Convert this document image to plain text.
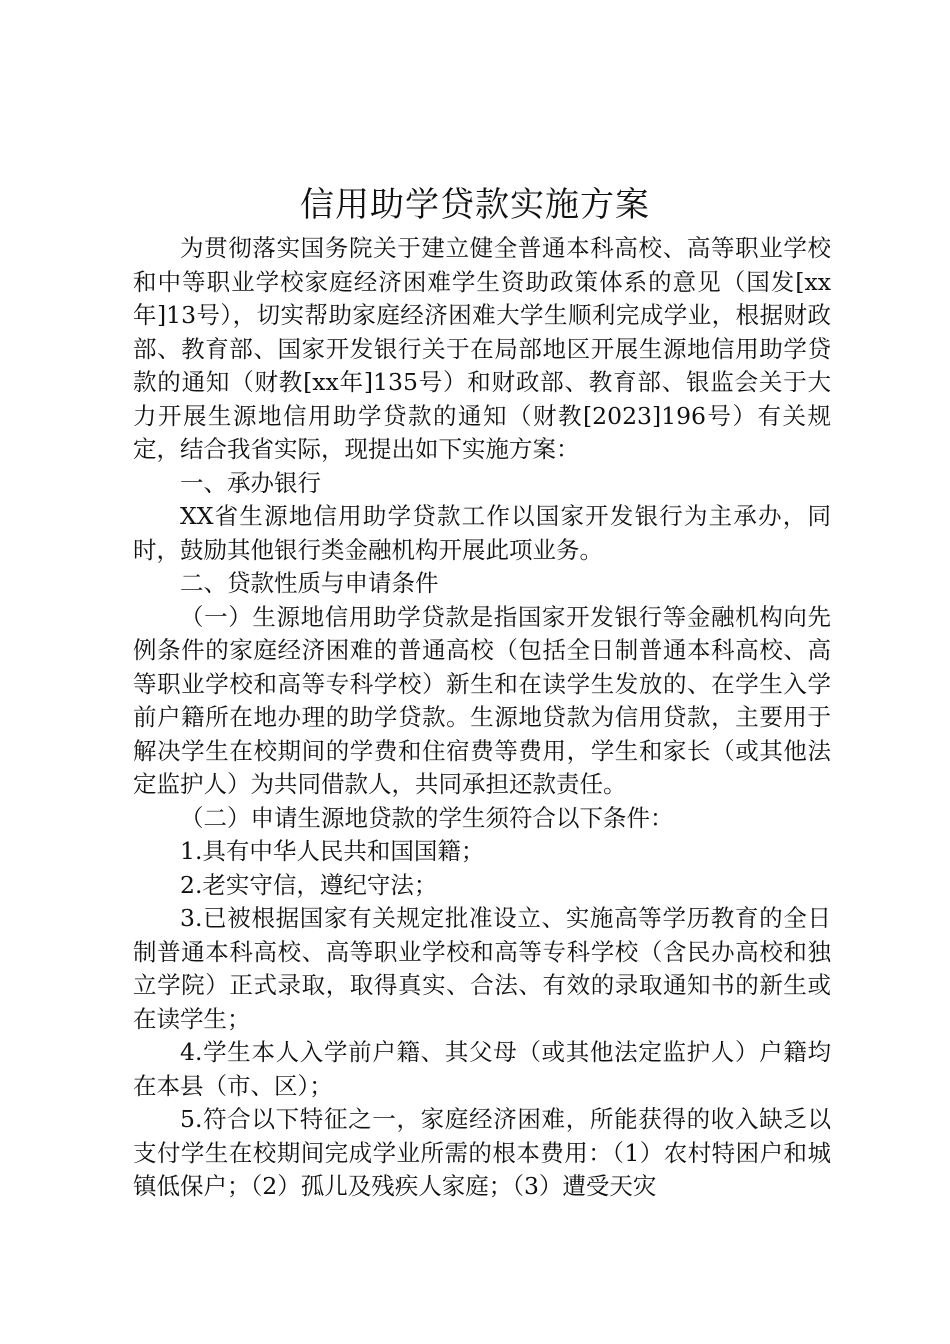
信用助学贷款实施方案

为贯彻落实国务院关于建立健全普通本科高校、高等职业学校和中等职业学校家庭经济困难学生资助政策体系的意见（国发[xx年]13号），切实帮助家庭经济困难大学生顺利完成学业，根据财政部、教育部、国家开发银行关于在局部地区开展生源地信用助学贷款的通知（财教[xx年]135号）和财政部、教育部、银监会关于大力开展生源地信用助学贷款的通知（财教[2023]196号）有关规定，结合我省实际，现提出如下实施方案：

一、承办银行

XX省生源地信用助学贷款工作以国家开发银行为主承办，同时，鼓励其他银行类金融机构开展此项业务。

二、贷款性质与申请条件

（一）生源地信用助学贷款是指国家开发银行等金融机构向先例条件的家庭经济困难的普通高校（包括全日制普通本科高校、高等职业学校和高等专科学校）新生和在读学生发放的、在学生入学前户籍所在地办理的助学贷款。生源地贷款为信用贷款，主要用于解决学生在校期间的学费和住宿费等费用，学生和家长（或其他法定监护人）为共同借款人，共同承担还款责任。

（二）申请生源地贷款的学生须符合以下条件：

1.具有中华人民共和国国籍；

2.老实守信，遵纪守法；

3.已被根据国家有关规定批准设立、实施高等学历教育的全日制普通本科高校、高等职业学校和高等专科学校（含民办高校和独立学院）正式录取，取得真实、合法、有效的录取通知书的新生或在读学生；

4.学生本人入学前户籍、其父母（或其他法定监护人）户籍均在本县（市、区）；

5.符合以下特征之一，家庭经济困难，所能获得的收入缺乏以支付学生在校期间完成学业所需的根本费用：（1）农村特困户和城镇低保户；（2）孤儿及残疾人家庭；（3）遭受天灾
